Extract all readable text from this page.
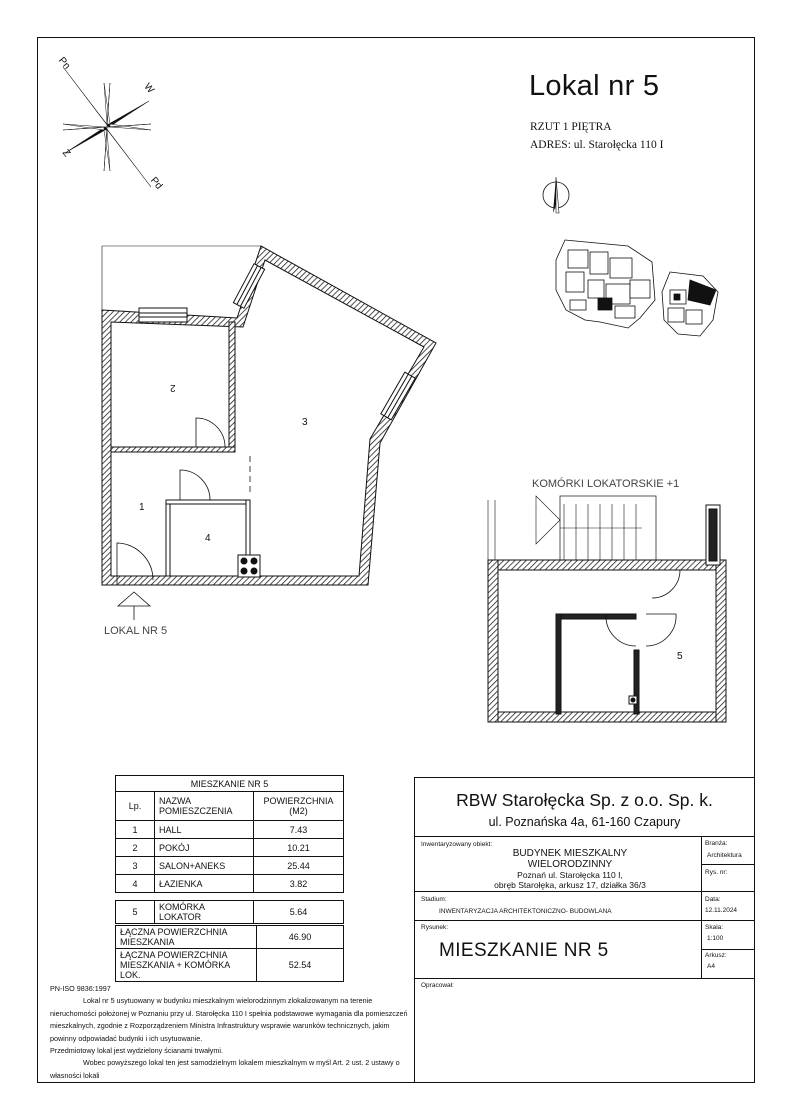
Lokal nr 5
RZUT 1 PIĘTRA
ADRES: ul. Starołęcka 110 I
Pn
W
Pd
Z
1
2
3
4
LOKAL NR 5
KOMÓRKI LOKATORSKIE +1
5
MIESZKANIE NR 5		
Lp.	NAZWA POMIESZCZENIA	POWIERZCHNIA (M2)
1	HALL	7.43
2	POKÓJ	10.21
3	SALON+ANEKS	25.44
4	ŁAZIENKA	3.82
5	KOMÓRKA LOKATOR	5.64
ŁĄCZNA POWIERZCHNIA MIESZKANIA	46.90
ŁĄCZNA POWIERZCHNIA MIESZKANIA + KOMÓRKA LOK.	52.54
PN-ISO 9836:1997
Lokal nr 5 usytuowany w budynku mieszkalnym wielorodzinnym zlokalizowanym na terenie nieruchomości położonej w Poznaniu przy ul. Starołęcka 110 I spełnia podstawowe wymagania dla pomieszczeń mieszkalnych, zgodnie z Rozporządzeniem Ministra Infrastruktury wsprawie warunków technicznych, jakim powinny odpowiadać budynki i ich usytuowanie.
Przedmiotowy lokal jest wydzielony ścianami trwałymi.
Wobec powyższego lokal ten jest samodzielnym lokalem mieszkalnym w myśl Art. 2 ust. 2 ustawy o własności lokali
RBW Starołęcka Sp. z o.o. Sp. k.
ul. Poznańska 4a, 61-160 Czapury
Inwentaryzowany obiekt:
BUDYNEK MIESZKALNY
WIELORODZINNY
Poznań ul. Starołęcka 110 I,
obręb Starołęka, arkusz 17, działka 36/3
Branża:
Architektura
Rys. nr:
Stadium:
INWENTARYZACJA ARCHITEKTONICZNO- BUDOWLANA
Data:
12.11.2024
Rysunek:
MIESZKANIE NR 5
Skala:
1:100
Arkusz:
A4
Opracował:
